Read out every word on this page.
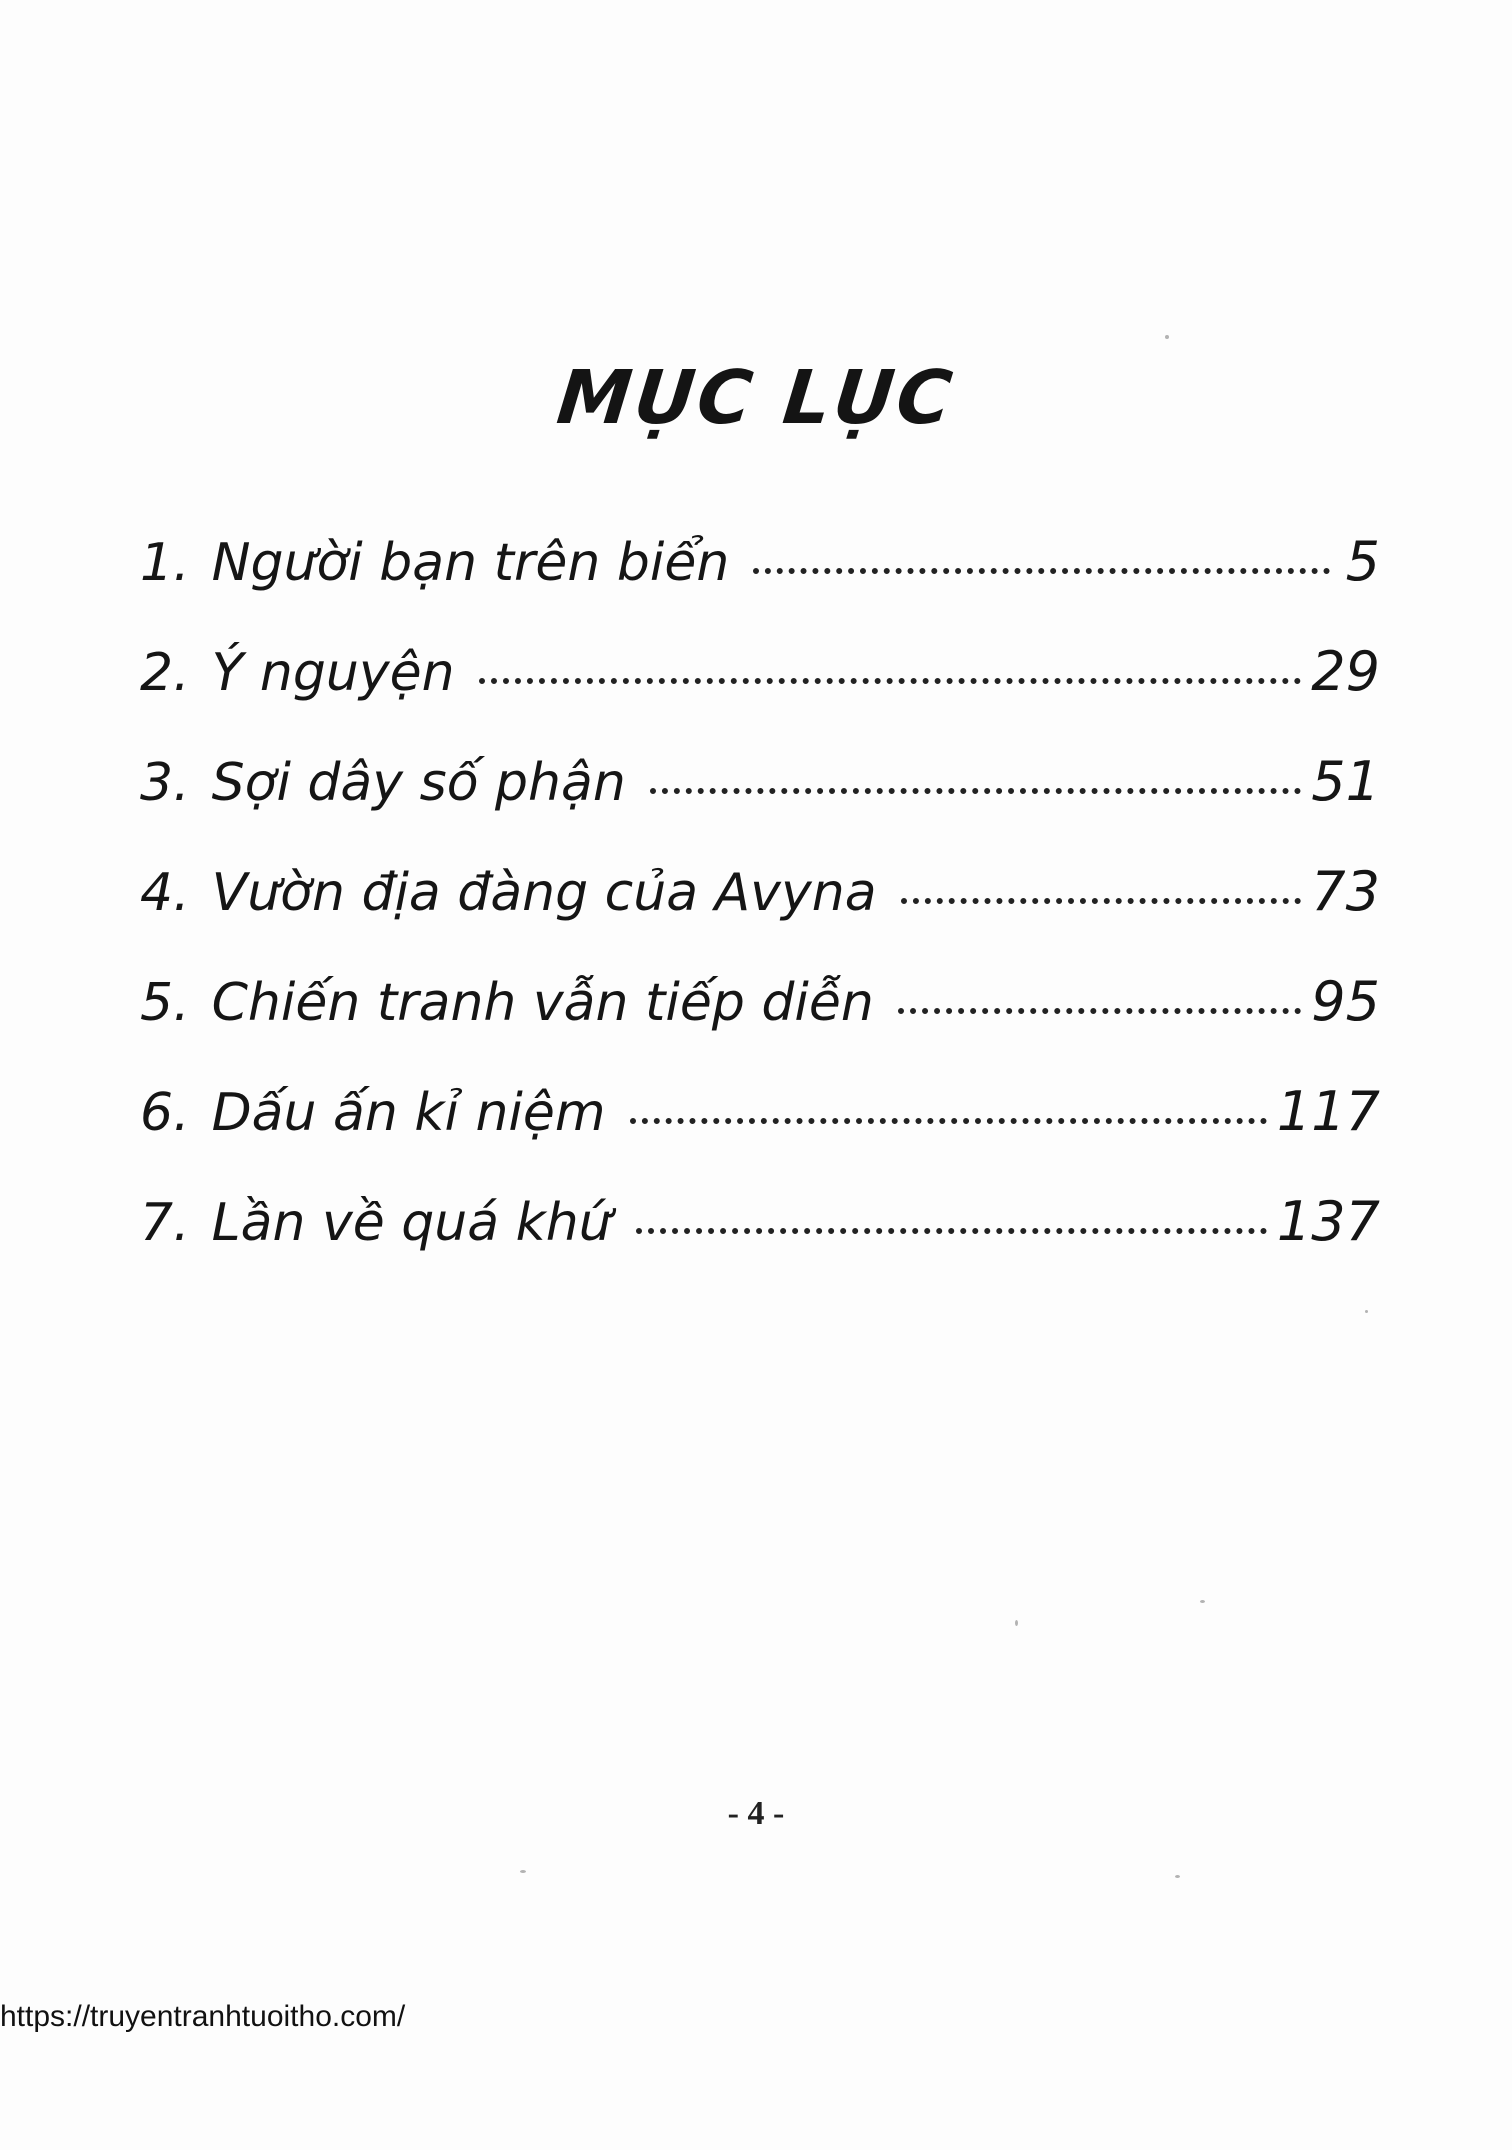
MỤC LỤC
1. Người bạn trên biển	5
2. Ý nguyện	29
3. Sợi dây số phận	51
4. Vườn địa đàng của Avyna	73
5. Chiến tranh vẫn tiếp diễn	95
6. Dấu ấn kỉ niệm	117
7. Lần về quá khứ	137
- 4 -
https://truyentranhtuoitho.com/
